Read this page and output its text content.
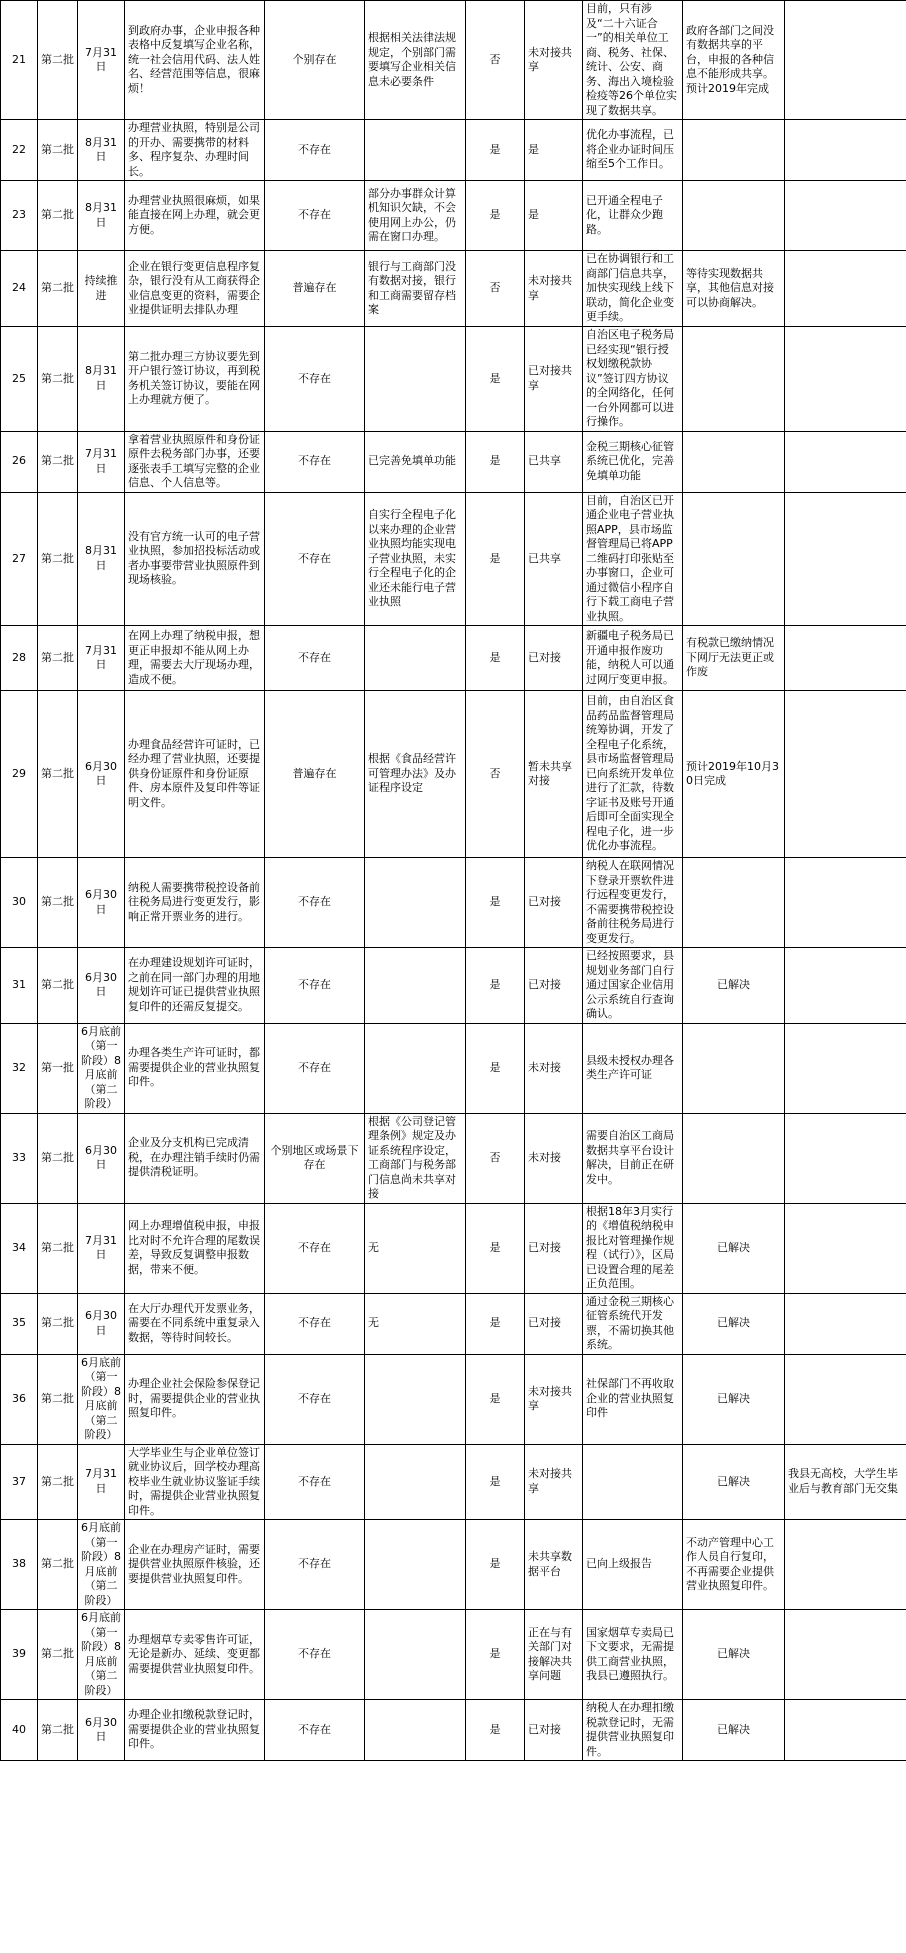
21	第二批	7月31日	到政府办事，企业申报各种表格中反复填写企业名称，统一社会信用代码、法人姓名、经营范围等信息，很麻烦！	个别存在	根据相关法律法规规定，个别部门需要填写企业相关信息未必要条件	否	未对接共享	目前，只有涉及“二十六证合一”的相关单位工商、税务、社保、统计、公安、商务、海出入境检验检疫等26个单位实现了数据共享。	政府各部门之间没有数据共享的平台，申报的各种信息不能形成共享。预计2019年完成	
22	第二批	8月31日	办理营业执照，特别是公司的开办、需要携带的材料多、程序复杂、办理时间长。	不存在		是	是	优化办事流程，已将企业办证时间压缩至5个工作日。		
23	第二批	8月31日	办理营业执照很麻烦，如果能直接在网上办理，就会更方便。	不存在	部分办事群众计算机知识欠缺，不会使用网上办公，仍需在窗口办理。	是	是	已开通全程电子化，让群众少跑路。		
24	第二批	持续推进	企业在银行变更信息程序复杂，银行没有从工商获得企业信息变更的资料，需要企业提供证明去排队办理	普遍存在	银行与工商部门没有数据对接，银行和工商需要留存档案	否	未对接共享	已在协调银行和工商部门信息共享，加快实现线上线下联动，简化企业变更手续。	等待实现数据共享，其他信息对接可以协商解决。	
25	第二批	8月31日	第二批办理三方协议要先到开户银行签订协议，再到税务机关签订协议，要能在网上办理就方便了。	不存在		是	已对接共享	自治区电子税务局已经实现“银行授权划缴税款协议”签订四方协议的全网络化，任何一台外网都可以进行操作。		
26	第二批	7月31日	拿着营业执照原件和身份证原件去税务部门办事，还要逐张表手工填写完整的企业信息、个人信息等。	不存在	已完善免填单功能	是	已共享	金税三期核心征管系统已优化，完善免填单功能		
27	第二批	8月31日	没有官方统一认可的电子营业执照，参加招投标活动或者办事要带营业执照原件到现场核验。	不存在	自实行全程电子化以来办理的企业营业执照均能实现电子营业执照，未实行全程电子化的企业还未能行电子营业执照	是	已共享	目前，自治区已开通企业电子营业执照APP，县市场监督管理局已将APP二维码打印张贴至办事窗口，企业可通过微信小程序自行下载工商电子营业执照。		
28	第二批	7月31日	在网上办理了纳税申报，想更正申报却不能从网上办理，需要去大厅现场办理，造成不便。	不存在		是	已对接	新疆电子税务局已开通申报作废功能，纳税人可以通过网厅变更申报。	有税款已缴纳情况下网厅无法更正或作废	
29	第二批	6月30日	办理食品经营许可证时，已经办理了营业执照，还要提供身份证原件和身份证原件、房本原件及复印件等证明文件。	普遍存在	根据《食品经营许可管理办法》及办证程序设定	否	暂未共享对接	目前，由自治区食品药品监督管理局统筹协调，开发了全程电子化系统，县市场监督管理局已向系统开发单位进行了汇款，待数字证书及账号开通后即可全面实现全程电子化，进一步优化办事流程。	预计2019年10月30日完成	
30	第二批	6月30日	纳税人需要携带税控设备前往税务局进行变更发行，影响正常开票业务的进行。	不存在		是	已对接	纳税人在联网情况下登录开票软件进行远程变更发行，不需要携带税控设备前往税务局进行变更发行。		
31	第二批	6月30日	在办理建设规划许可证时，之前在同一部门办理的用地规划许可证已提供营业执照复印件的还需反复提交。	不存在		是	已对接	已经按照要求，县规划业务部门自行通过国家企业信用公示系统自行查询确认。	已解决	
32	第一批	6月底前（第一阶段）8月底前（第二阶段）	办理各类生产许可证时，都需要提供企业的营业执照复印件。	不存在		是	未对接	县级未授权办理各类生产许可证		
33	第二批	6月30日	企业及分支机构已完成清税，在办理注销手续时仍需提供清税证明。	个别地区或场景下存在	根据《公司登记管理条例》规定及办证系统程序设定，工商部门与税务部门信息尚未共享对接	否	未对接	需要自治区工商局数据共享平台设计解决，目前正在研发中。		
34	第二批	7月31日	网上办理增值税申报，申报比对时不允许合理的尾数误差，导致反复调整申报数据，带来不便。	不存在	无	是	已对接	根据18年3月实行的《增值税纳税申报比对管理操作规程（试行）》，区局已设置合理的尾差正负范围。	已解决	
35	第二批	6月30日	在大厅办理代开发票业务，需要在不同系统中重复录入数据，等待时间较长。	不存在	无	是	已对接	通过金税三期核心征管系统代开发票，不需切换其他系统。	已解决	
36	第二批	6月底前（第一阶段）8月底前（第二阶段）	办理企业社会保险参保登记时，需要提供企业的营业执照复印件。	不存在		是	未对接共享	社保部门不再收取企业的营业执照复印件	已解决	
37	第二批	7月31日	大学毕业生与企业单位签订就业协议后，回学校办理高校毕业生就业协议鉴证手续时，需提供企业营业执照复印件。	不存在		是	未对接共享		已解决	我县无高校，大学生毕业后与教育部门无交集
38	第二批	6月底前（第一阶段）8月底前（第二阶段）	企业在办理房产证时，需要提供营业执照原件核验，还要提供营业执照复印件。	不存在		是	未共享数据平台	已向上级报告	不动产管理中心工作人员自行复印，不再需要企业提供营业执照复印件。	
39	第二批	6月底前（第一阶段）8月底前（第二阶段）	办理烟草专卖零售许可证，无论是新办、延续、变更都需要提供营业执照复印件。	不存在		是	正在与有关部门对接解决共享问题	国家烟草专卖局已下文要求，无需提供工商营业执照，我县已遵照执行。	已解决	
40	第二批	6月30日	办理企业扣缴税款登记时，需要提供企业的营业执照复印件。	不存在		是	已对接	纳税人在办理扣缴税款登记时，无需提供营业执照复印件。	已解决	
